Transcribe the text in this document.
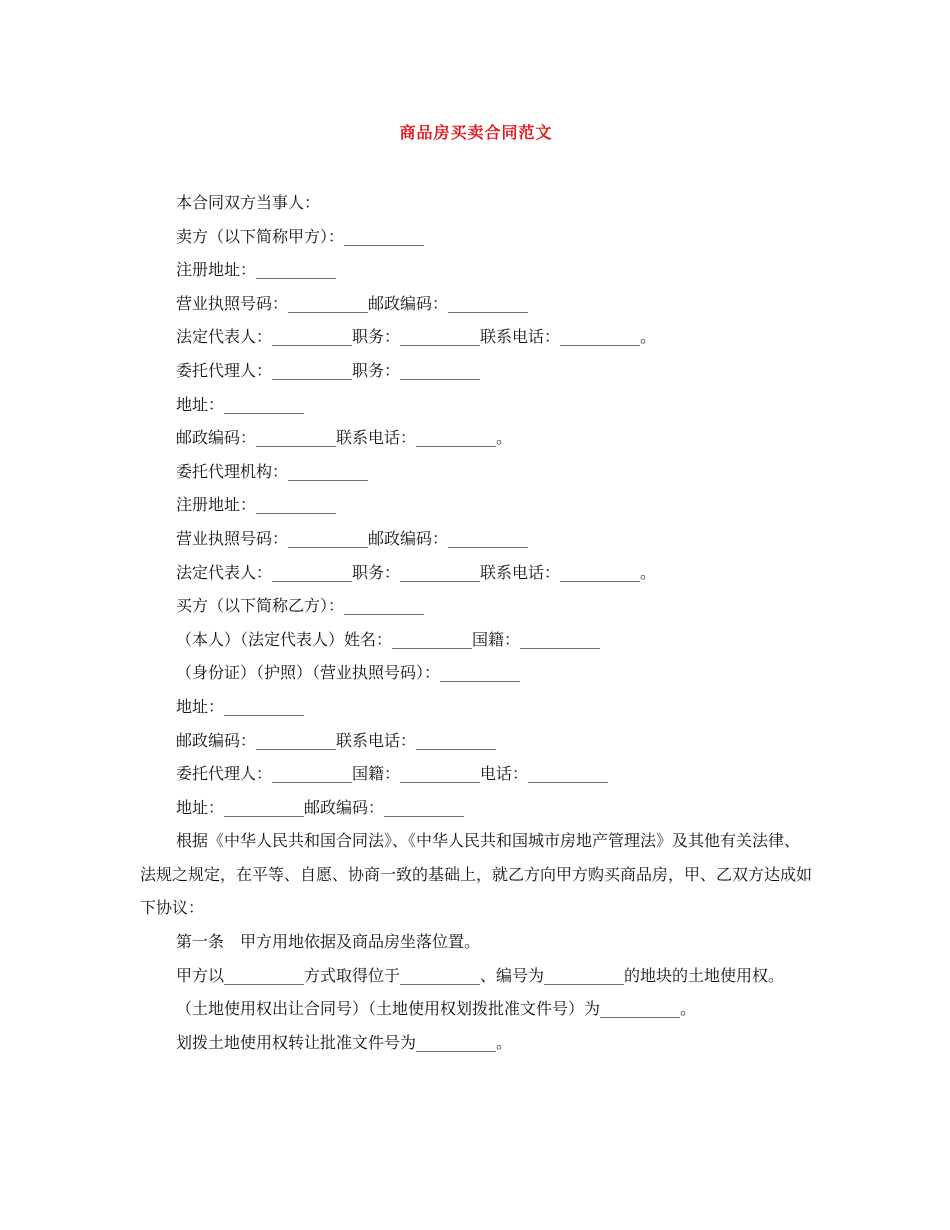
商品房买卖合同范文
本合同双方当事人：
卖方（以下简称甲方）：__________
注册地址：__________
营业执照号码：__________邮政编码：__________
法定代表人：__________职务：__________联系电话：__________。
委托代理人：__________职务：__________
地址：__________
邮政编码：__________联系电话：__________。
委托代理机构：__________
注册地址：__________
营业执照号码：__________邮政编码：__________
法定代表人：__________职务：__________联系电话：__________。
买方（以下简称乙方）：__________
（本人）（法定代表人）姓名：__________国籍：__________
（身份证）（护照）（营业执照号码）：__________
地址：__________
邮政编码：__________联系电话：__________
委托代理人：__________国籍：__________电话：__________
地址：__________邮政编码：__________
根据《中华人民共和国合同法》、《中华人民共和国城市房地产管理法》及其他有关法律、法规之规定，在平等、自愿、协商一致的基础上，就乙方向甲方购买商品房，甲、乙双方达成如下协议：
第一条　甲方用地依据及商品房坐落位置。
甲方以__________方式取得位于__________、编号为__________的地块的土地使用权。
（土地使用权出让合同号）（土地使用权划拨批准文件号）为__________。
划拨土地使用权转让批准文件号为__________。
